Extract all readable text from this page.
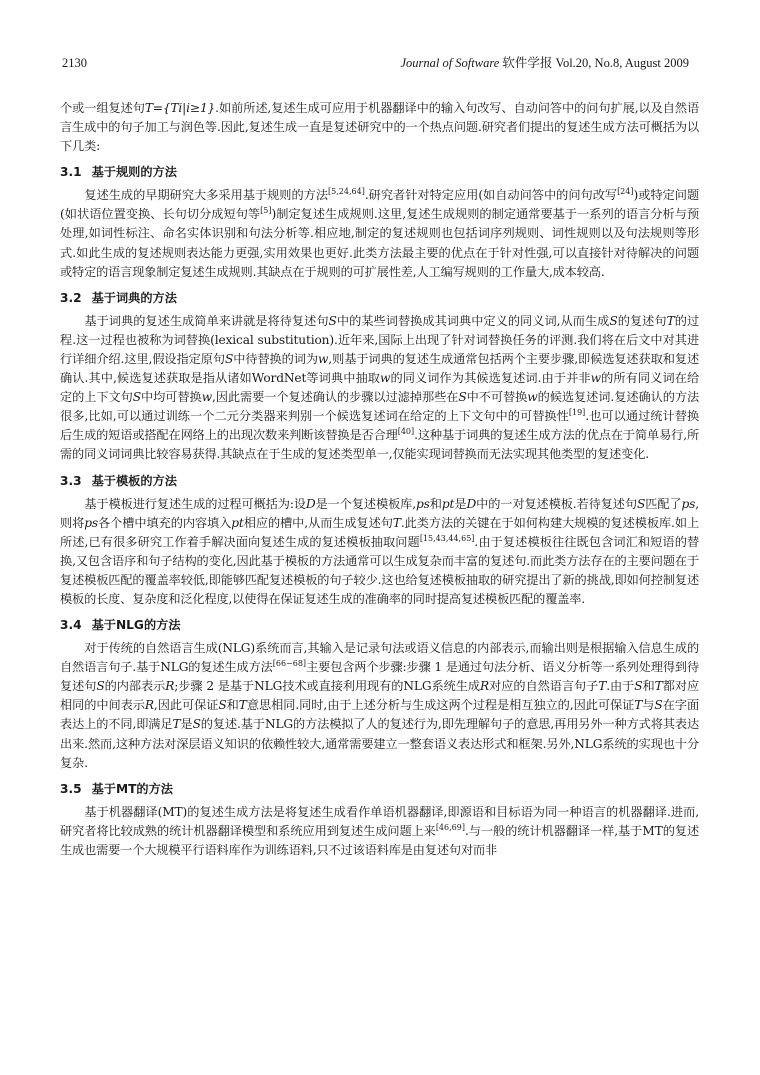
2130	Journal of Software 软件学报 Vol.20, No.8, August 2009

个或一组复述句T={Ti|i≥1}.如前所述,复述生成可应用于机器翻译中的输入句改写、自动问答中的问句扩展,以及自然语言生成中的句子加工与润色等.因此,复述生成一直是复述研究中的一个热点问题.研究者们提出的复述生成方法可概括为以下几类:

3.1 基于规则的方法

复述生成的早期研究大多采用基于规则的方法[5,24,64].研究者针对特定应用(如自动问答中的问句改写[24])或特定问题(如状语位置变换、长句切分成短句等[5])制定复述生成规则.这里,复述生成规则的制定通常要基于一系列的语言分析与预处理,如词性标注、命名实体识别和句法分析等.相应地,制定的复述规则也包括词序列规则、词性规则以及句法规则等形式.如此生成的复述规则表达能力更强,实用效果也更好.此类方法最主要的优点在于针对性强,可以直接针对待解决的问题或特定的语言现象制定复述生成规则.其缺点在于规则的可扩展性差,人工编写规则的工作量大,成本较高.

3.2 基于词典的方法

基于词典的复述生成简单来讲就是将待复述句S中的某些词替换成其词典中定义的同义词,从而生成S的复述句T的过程.这一过程也被称为词替换(lexical substitution).近年来,国际上出现了针对词替换任务的评测.我们将在后文中对其进行详细介绍.这里,假设指定原句S中待替换的词为w,则基于词典的复述生成通常包括两个主要步骤,即候选复述获取和复述确认.其中,候选复述获取是指从诸如WordNet等词典中抽取w的同义词作为其候选复述词.由于并非w的所有同义词在给定的上下文句S中均可替换w,因此需要一个复述确认的步骤以过滤掉那些在S中不可替换w的候选复述词.复述确认的方法很多,比如,可以通过训练一个二元分类器来判别一个候选复述词在给定的上下文句中的可替换性[19].也可以通过统计替换后生成的短语或搭配在网络上的出现次数来判断该替换是否合理[40].这种基于词典的复述生成方法的优点在于简单易行,所需的同义词词典比较容易获得.其缺点在于生成的复述类型单一,仅能实现词替换而无法实现其他类型的复述变化.

3.3 基于模板的方法

基于模板进行复述生成的过程可概括为:设D是一个复述模板库,ps和pt是D中的一对复述模板.若待复述句S匹配了ps,则将ps各个槽中填充的内容填入pt相应的槽中,从而生成复述句T.此类方法的关键在于如何构建大规模的复述模板库.如上所述,已有很多研究工作着手解决面向复述生成的复述模板抽取问题[15,43,44,65].由于复述模板往往既包含词汇和短语的替换,又包含语序和句子结构的变化,因此基于模板的方法通常可以生成复杂而丰富的复述句.而此类方法存在的主要问题在于复述模板匹配的覆盖率较低,即能够匹配复述模板的句子较少.这也给复述模板抽取的研究提出了新的挑战,即如何控制复述模板的长度、复杂度和泛化程度,以使得在保证复述生成的准确率的同时提高复述模板匹配的覆盖率.

3.4 基于NLG的方法

对于传统的自然语言生成(NLG)系统而言,其输入是记录句法或语义信息的内部表示,而输出则是根据输入信息生成的自然语言句子.基于NLG的复述生成方法[66−68]主要包含两个步骤:步骤 1 是通过句法分析、语义分析等一系列处理得到待复述句S的内部表示R;步骤 2 是基于NLG技术或直接利用现有的NLG系统生成R对应的自然语言句子T.由于S和T都对应相同的中间表示R,因此可保证S和T意思相同.同时,由于上述分析与生成这两个过程是相互独立的,因此可保证T与S在字面表达上的不同,即满足T是S的复述.基于NLG的方法模拟了人的复述行为,即先理解句子的意思,再用另外一种方式将其表达出来.然而,这种方法对深层语义知识的依赖性较大,通常需要建立一整套语义表达形式和框架.另外,NLG系统的实现也十分复杂.

3.5 基于MT的方法

基于机器翻译(MT)的复述生成方法是将复述生成看作单语机器翻译,即源语和目标语为同一种语言的机器翻译.进而,研究者将比较成熟的统计机器翻译模型和系统应用到复述生成问题上来[46,69].与一般的统计机器翻译一样,基于MT的复述生成也需要一个大规模平行语料库作为训练语料,只不过该语料库是由复述句对而非
